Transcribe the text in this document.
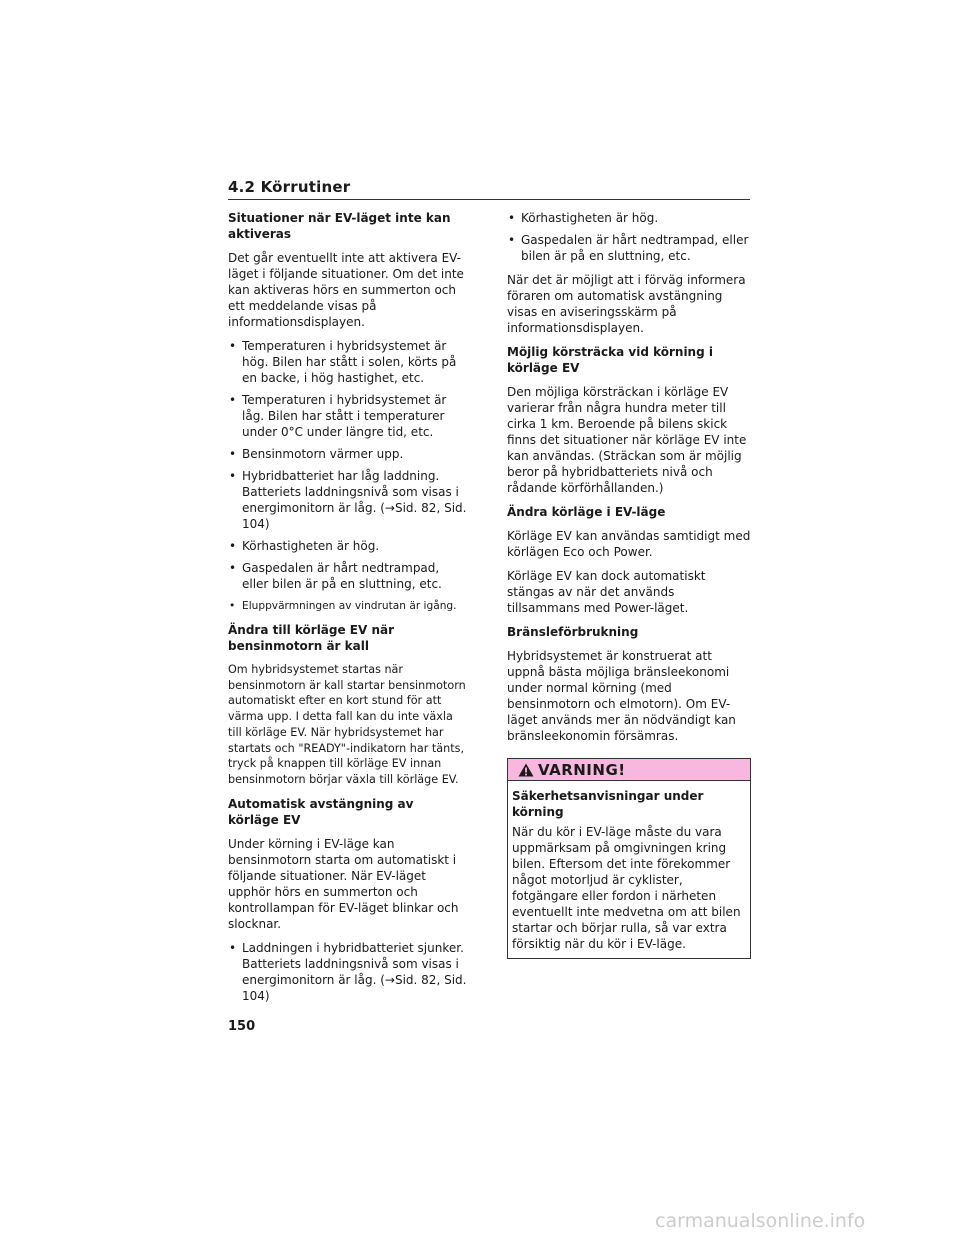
4.2 Körrutiner
Situationer när EV-läget inte kan aktiveras
Det går eventuellt inte att aktivera EV-läget i följande situationer. Om det inte kan aktiveras hörs en summerton och ett meddelande visas på informationsdisplayen.
• Temperaturen i hybridsystemet är hög. Bilen har stått i solen, körts på en backe, i hög hastighet, etc.
• Temperaturen i hybridsystemet är låg. Bilen har stått i temperaturer under 0°C under längre tid, etc.
• Bensinmotorn värmer upp.
• Hybridbatteriet har låg laddning. Batteriets laddningsnivå som visas i energimonitorn är låg. (→Sid. 82, Sid. 104)
• Körhastigheten är hög.
• Gaspedalen är hårt nedtrampad, eller bilen är på en sluttning, etc.
• Eluppvärmningen av vindrutan är igång.
Ändra till körläge EV när bensinmotorn är kall
Om hybridsystemet startas när bensinmotorn är kall startar bensinmotorn automatiskt efter en kort stund för att värma upp. I detta fall kan du inte växla till körläge EV. När hybridsystemet har startats och "READY"-indikatorn har tänts, tryck på knappen till körläge EV innan bensinmotorn börjar växla till körläge EV.
Automatisk avstängning av körläge EV
Under körning i EV-läge kan bensinmotorn starta om automatiskt i följande situationer. När EV-läget upphör hörs en summerton och kontrollampan för EV-läget blinkar och slocknar.
• Laddningen i hybridbatteriet sjunker. Batteriets laddningsnivå som visas i energimonitorn är låg. (→Sid. 82, Sid. 104)
• Körhastigheten är hög.
• Gaspedalen är hårt nedtrampad, eller bilen är på en sluttning, etc.
När det är möjligt att i förväg informera föraren om automatisk avstängning visas en aviseringsskärm på informationsdisplayen.
Möjlig körsträcka vid körning i körläge EV
Den möjliga körsträckan i körläge EV varierar från några hundra meter till cirka 1 km. Beroende på bilens skick finns det situationer när körläge EV inte kan användas. (Sträckan som är möjlig beror på hybridbatteriets nivå och rådande körförhållanden.)
Ändra körläge i EV-läge
Körläge EV kan användas samtidigt med körlägen Eco och Power.
Körläge EV kan dock automatiskt stängas av när det används tillsammans med Power-läget.
Bränsleförbrukning
Hybridsystemet är konstruerat att uppnå bästa möjliga bränsleekonomi under normal körning (med bensinmotorn och elmotorn). Om EV-läget används mer än nödvändigt kan bränsleekonomin försämras.
VARNING!
Säkerhetsanvisningar under körning
När du kör i EV-läge måste du vara uppmärksam på omgivningen kring bilen. Eftersom det inte förekommer något motorljud är cyklister, fotgängare eller fordon i närheten eventuellt inte medvetna om att bilen startar och börjar rulla, så var extra försiktig när du kör i EV-läge.
150
carmanualsonline.info
